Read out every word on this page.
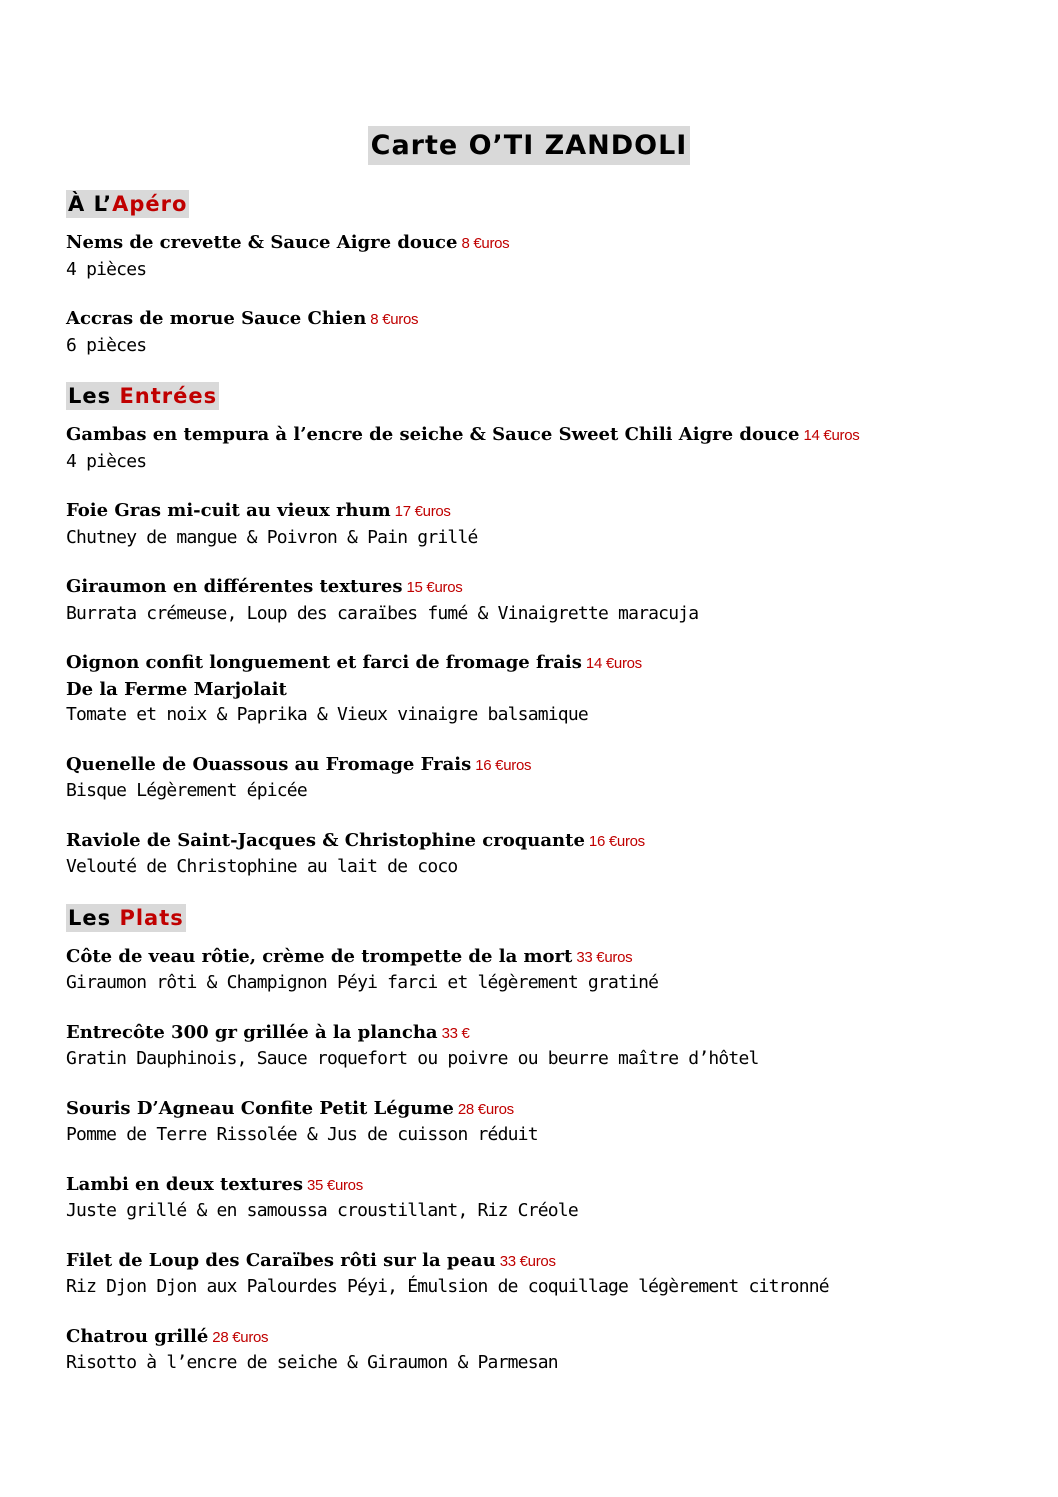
Carte O’TI ZANDOLI
À L’Apéro
Nems de crevette & Sauce Aigre douce 8 €uros
4 pièces
Accras de morue Sauce Chien 8 €uros
6 pièces
Les Entrées
Gambas en tempura à l’encre de seiche & Sauce Sweet Chili Aigre douce 14 €uros
4 pièces
Foie Gras mi-cuit au vieux rhum 17 €uros
Chutney de mangue & Poivron & Pain grillé
Giraumon en différentes textures 15 €uros
Burrata crémeuse, Loup des caraïbes fumé & Vinaigrette maracuja
Oignon confit longuement et farci de fromage frais 14 €uros
De la Ferme Marjolait
Tomate et noix & Paprika & Vieux vinaigre balsamique
Quenelle de Ouassous au Fromage Frais 16 €uros
Bisque Légèrement épicée
Raviole de Saint-Jacques & Christophine croquante 16 €uros
Velouté de Christophine au lait de coco
Les Plats
Côte de veau rôtie, crème de trompette de la mort 33 €uros
Giraumon rôti & Champignon Péyi farci et légèrement gratiné
Entrecôte 300 gr grillée à la plancha 33 €
Gratin Dauphinois, Sauce roquefort ou poivre ou beurre maître d’hôtel
Souris D’Agneau Confite Petit Légume 28 €uros
Pomme de Terre Rissolée & Jus de cuisson réduit
Lambi en deux textures 35 €uros
Juste grillé & en samoussa croustillant, Riz Créole
Filet de Loup des Caraïbes rôti sur la peau 33 €uros
Riz Djon Djon aux Palourdes Péyi, Émulsion de coquillage légèrement citronné
Chatrou grillé 28 €uros
Risotto à l’encre de seiche & Giraumon & Parmesan
